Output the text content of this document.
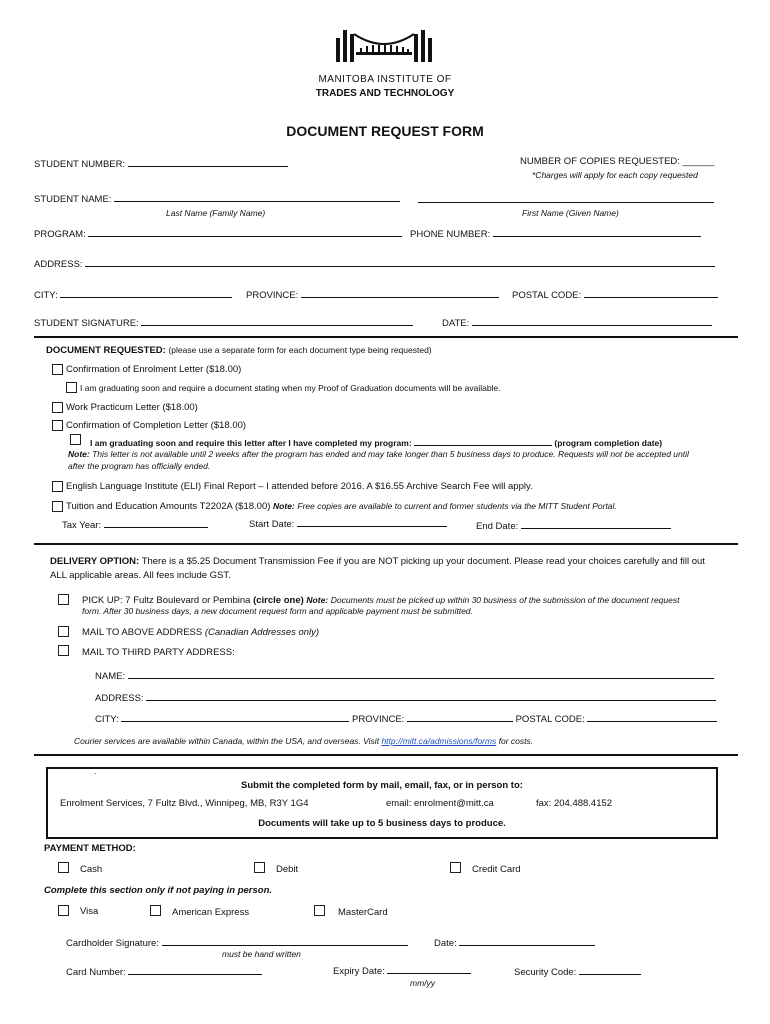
MANITOBA INSTITUTE OF
TRADES AND TECHNOLOGY
DOCUMENT REQUEST FORM
STUDENT NUMBER:	NUMBER OF COPIES REQUESTED: ______
*Charges will apply for each copy requested
STUDENT NAME:
Last Name (Family Name)	First Name (Given Name)
PROGRAM:	PHONE NUMBER:
ADDRESS:
CITY:	PROVINCE:	POSTAL CODE:
STUDENT SIGNATURE:	DATE:
DOCUMENT REQUESTED: (please use a separate form for each document type being requested)
Confirmation of Enrolment Letter ($18.00)
I am graduating soon and require a document stating when my Proof of Graduation documents will be available.
Work Practicum Letter ($18.00)
Confirmation of Completion Letter ($18.00)
I am graduating soon and require this letter after I have completed my program:	(program completion date)
Note: This letter is not available until 2 weeks after the program has ended and may take longer than 5 business days to produce. Requests will not be accepted until
after the program has officially ended.
English Language Institute (ELI) Final Report – I attended before 2016. A $16.55 Archive Search Fee will apply.
Tuition and Education Amounts T2202A ($18.00) Note: Free copies are available to current and former students via the MITT Student Portal.
Tax Year:	Start Date:	End Date:
DELIVERY OPTION: There is a $5.25 Document Transmission Fee if you are NOT picking up your document. Please read your choices carefully and fill out
ALL applicable areas. All fees include GST.
PICK UP: 7 Fultz Boulevard or Pembina (circle one) Note: Documents must be picked up within 30 business of the submission of the document request
form. After 30 business days, a new document request form and applicable payment must be submitted.
MAIL TO ABOVE ADDRESS (Canadian Addresses only)
MAIL TO THIRD PARTY ADDRESS:
NAME:
ADDRESS:
CITY:	PROVINCE:	POSTAL CODE:
Courier services are available within Canada, within the USA, and overseas. Visit http://mitt.ca/admissions/forms for costs.
.
Submit the completed form by mail, email, fax, or in person to:
Enrolment Services, 7 Fultz Blvd., Winnipeg, MB, R3Y 1G4	email: enrolment@mitt.ca	fax: 204.488.4152
Documents will take up to 5 business days to produce.
PAYMENT METHOD:
Cash	Debit	Credit Card
Complete this section only if not paying in person.
Visa	American Express	MasterCard
Cardholder Signature:
must be hand written
Date:
Card Number:	Expiry Date:
mm/yy
Security Code:
